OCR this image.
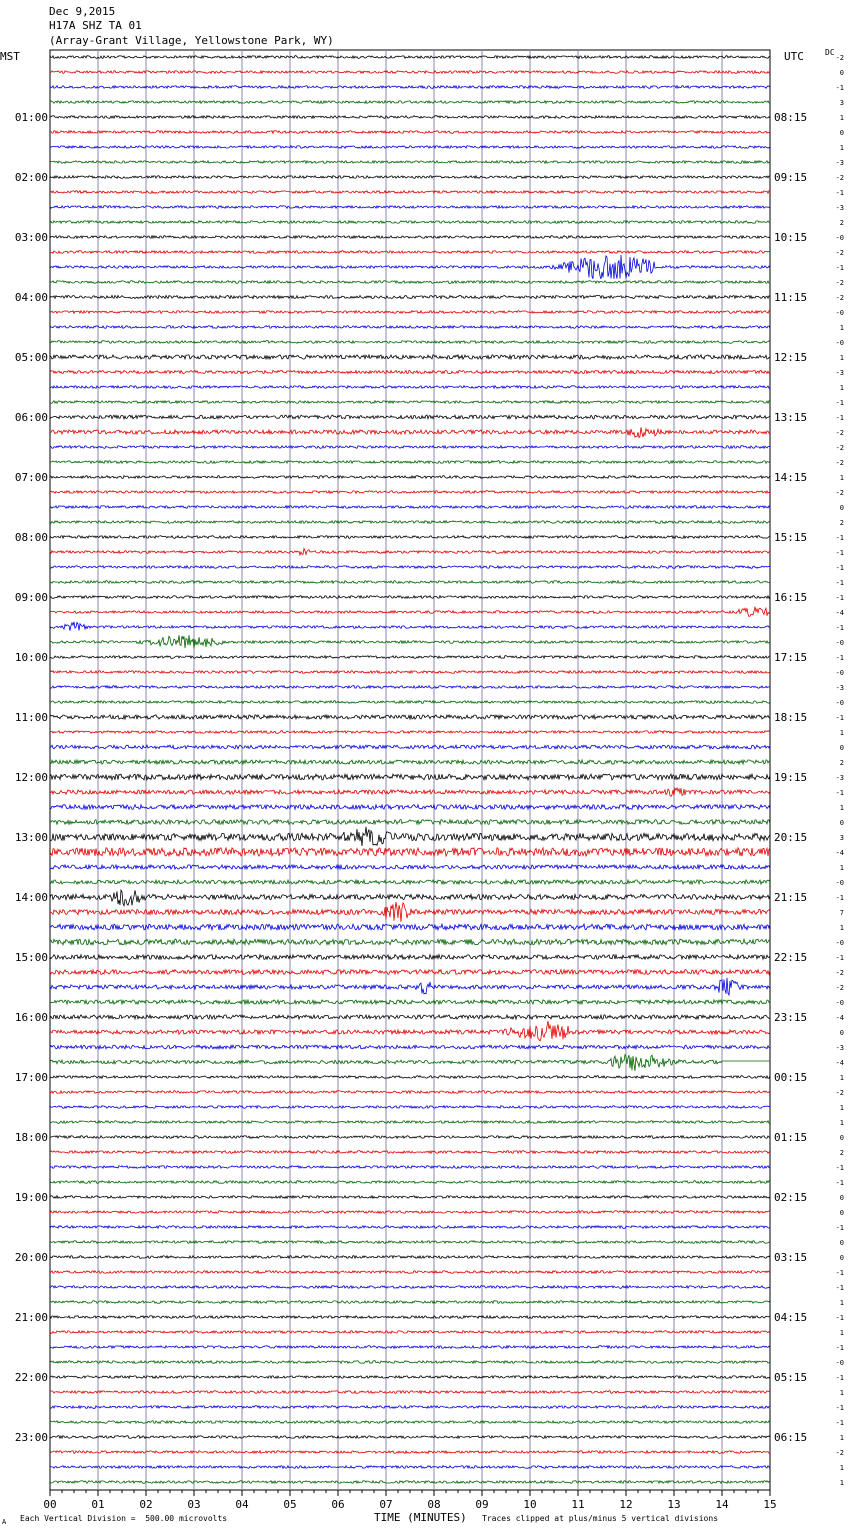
Dec 9,2015
H17A SHZ TA 01
(Array-Grant Village, Yellowstone Park, WY)
MST	UTC	DC
00	01	02	03	04	05	06	07	08	09	10	11	12	13	14	15
01:00
02:00
03:00
04:00
05:00
06:00
07:00
08:00
09:00
10:00
11:00
12:00
13:00
14:00
15:00
16:00
17:00
18:00
19:00
20:00
21:00
22:00
23:00
08:15
09:15
10:15
11:15
12:15
13:15
14:15
15:15
16:15
17:15
18:15
19:15
20:15
21:15
22:15
23:15
00:15
01:15
02:15
03:15
04:15
05:15
06:15
-2
0
-1
3
1
0
1
-3
-2
-1
-3
2
-0
-2
-1
-2
-2
-0
1
-0
1
-3
1
-1
-1
-2
-2
-2
1
-2
0
2
-1
-1
-1
-1
-1
-4
-1
-0
-1
-0
-3
-0
-1
1
0
2
-3
-1
1
0
3
-4
1
-0
-1
7
1
-0
-1
-2
-2
-0
-4
0
-3
-4
1
-2
1
1
0
2
-1
-1
0
0
-1
0
0
-1
-1
1
-1
1
-1
-0
-1
1
-1
-1
1
-2
1
1
A Each Vertical Division =  500.00 microvolts	TIME (MINUTES) Traces clipped at plus/minus 5 vertical divisions
